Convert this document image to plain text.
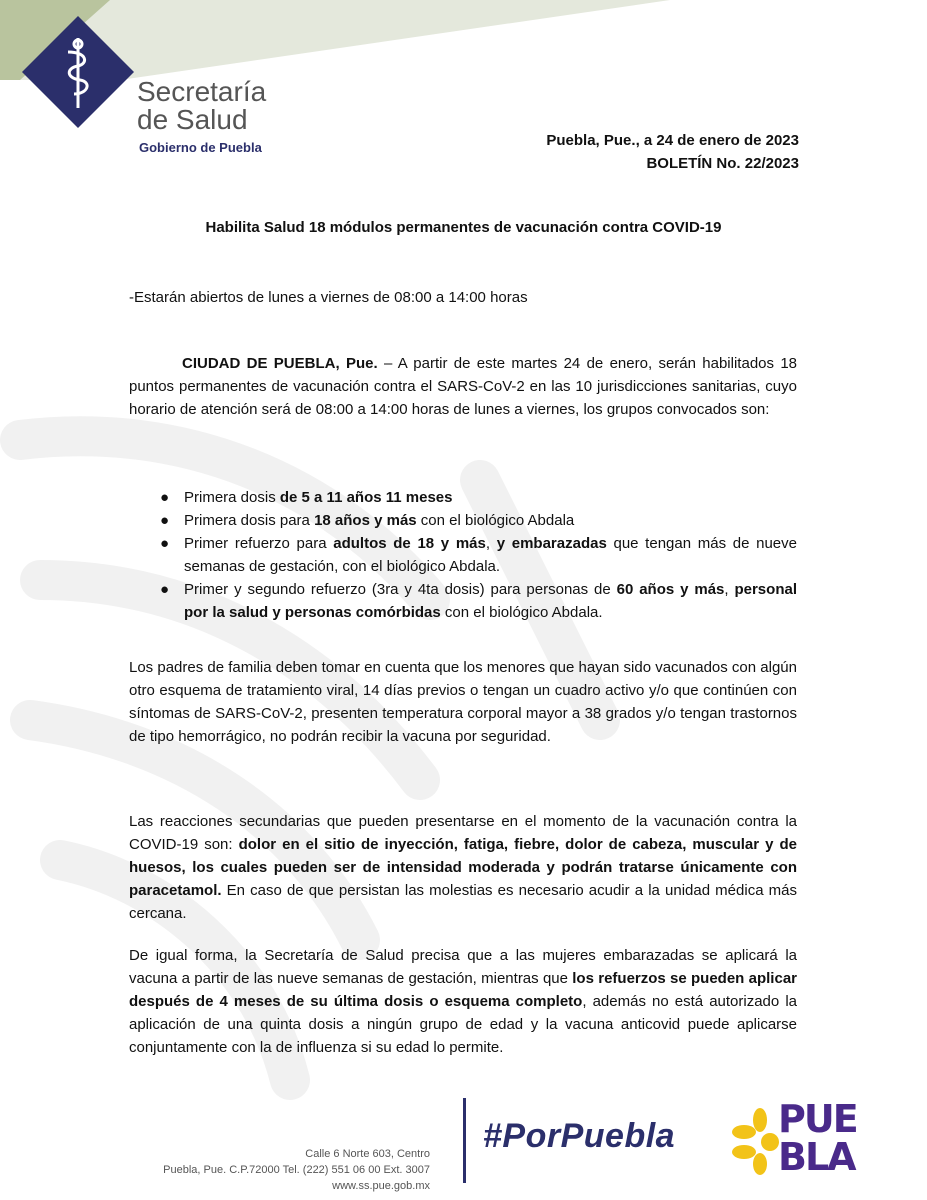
Secretaría
de Salud
Gobierno de Puebla	Puebla, Pue., a 24 de enero de 2023
BOLETÍN No. 22/2023
Habilita Salud 18 módulos permanentes de vacunación contra COVID-19
-Estarán abiertos de lunes a viernes de 08:00 a 14:00 horas
CIUDAD DE PUEBLA, Pue. – A partir de este martes 24 de enero, serán habilitados 18 puntos permanentes de vacunación contra el SARS-CoV-2 en las 10 jurisdicciones sanitarias, cuyo horario de atención será de 08:00 a 14:00 horas de lunes a viernes, los grupos convocados son:
● Primera dosis de 5 a 11 años 11 meses
● Primera dosis para 18 años y más con el biológico Abdala
● Primer refuerzo para adultos de 18 y más, y embarazadas que tengan más de nueve semanas de gestación, con el biológico Abdala.
● Primer y segundo refuerzo (3ra y 4ta dosis) para personas de 60 años y más, personal por la salud y personas comórbidas con el biológico Abdala.
Los padres de familia deben tomar en cuenta que los menores que hayan sido vacunados con algún otro esquema de tratamiento viral, 14 días previos o tengan un cuadro activo y/o que continúen con síntomas de SARS-CoV-2, presenten temperatura corporal mayor a 38 grados y/o tengan trastornos de tipo hemorrágico, no podrán recibir la vacuna por seguridad.
Las reacciones secundarias que pueden presentarse en el momento de la vacunación contra la COVID-19 son: dolor en el sitio de inyección, fatiga, fiebre, dolor de cabeza, muscular y de huesos, los cuales pueden ser de intensidad moderada y podrán tratarse únicamente con paracetamol. En caso de que persistan las molestias es necesario acudir a la unidad médica más cercana.
De igual forma, la Secretaría de Salud precisa que a las mujeres embarazadas se aplicará la vacuna a partir de las nueve semanas de gestación, mientras que los refuerzos se pueden aplicar después de 4 meses de su última dosis o esquema completo, además no está autorizado la aplicación de una quinta dosis a ningún grupo de edad y la vacuna anticovid puede aplicarse conjuntamente con la de influenza si su edad lo permite.
Calle 6 Norte 603, Centro
Puebla, Pue. C.P.72000 Tel. (222) 551 06 00 Ext. 3007
www.ss.pue.gob.mx
#PorPuebla	PUE
BLA
